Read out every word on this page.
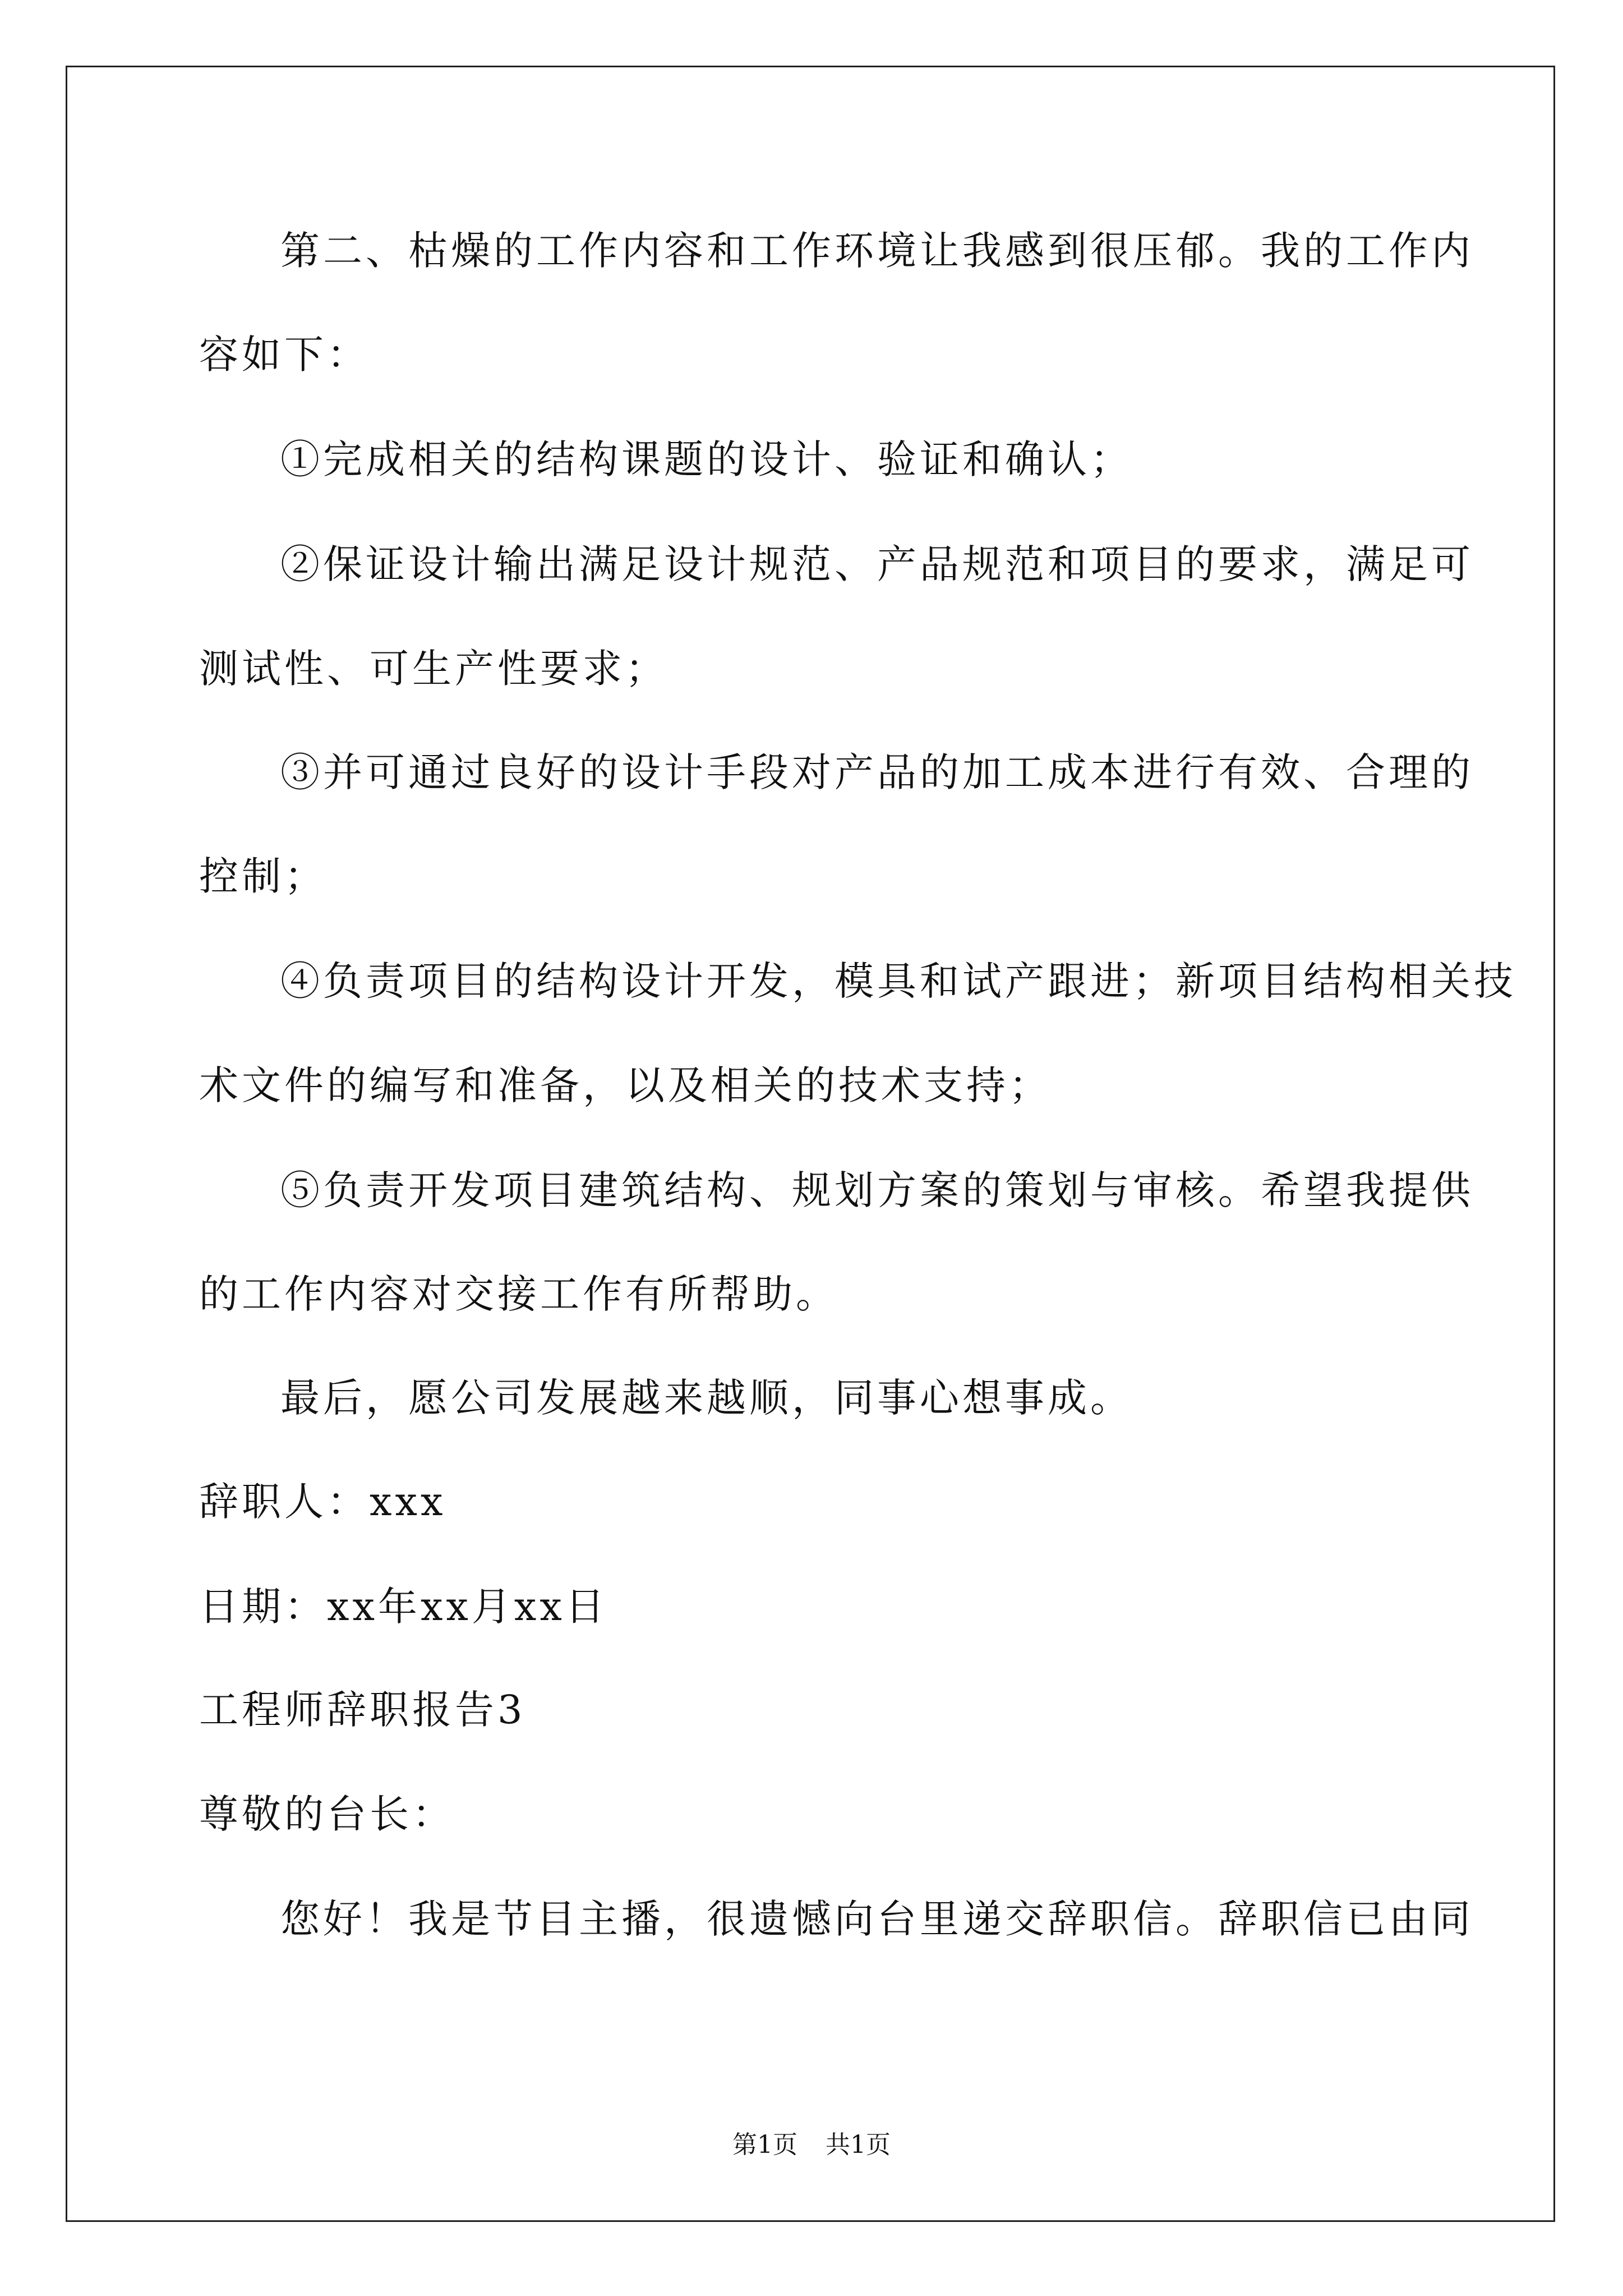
第二、枯燥的工作内容和工作环境让我感到很压郁。我的工作内
容如下：
①完成相关的结构课题的设计、验证和确认；
②保证设计输出满足设计规范、产品规范和项目的要求，满足可
测试性、可生产性要求；
③并可通过良好的设计手段对产品的加工成本进行有效、合理的
控制；
④负责项目的结构设计开发，模具和试产跟进；新项目结构相关技
术文件的编写和准备，以及相关的技术支持；
⑤负责开发项目建筑结构、规划方案的策划与审核。希望我提供
的工作内容对交接工作有所帮助。
最后，愿公司发展越来越顺，同事心想事成。
辞职人：xxx
日期：xx年xx月xx日
工程师辞职报告3
尊敬的台长：
您好！我是节目主播，很遗憾向台里递交辞职信。辞职信已由同
第1页 共1页
